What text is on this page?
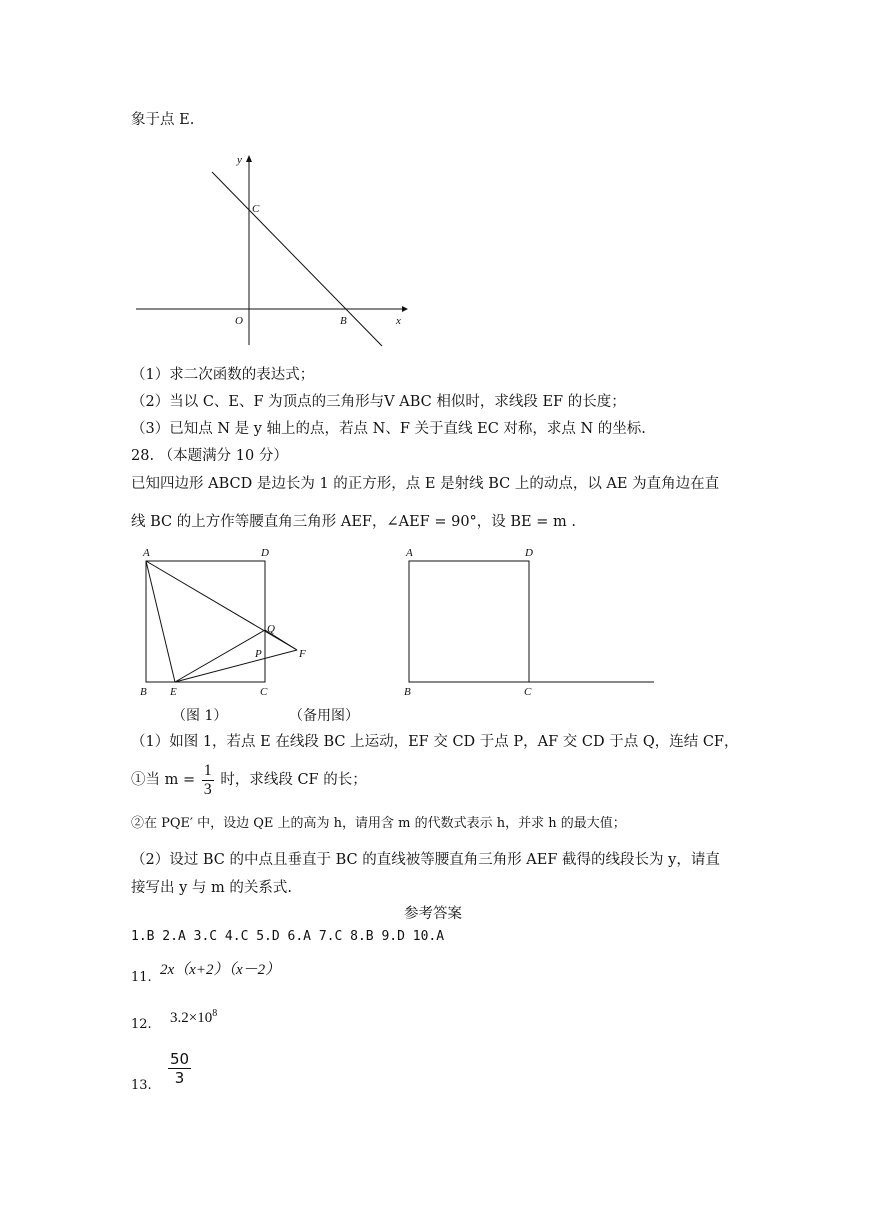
象于点 E.
y
C
O	B	x
（1）求二次函数的表达式；
（2）当以 C、E、F 为顶点的三角形与V ABC 相似时，求线段 EF 的长度；
（3）已知点 N 是 y 轴上的点，若点 N、F 关于直线 EC 对称，求点 N 的坐标.
28. （本题满分 10 分）
已知四边形 ABCD 是边长为 1 的正方形，点 E 是射线 BC 上的动点，以 AE 为直角边在直
线 BC 的上方作等腰直角三角形 AEF，∠AEF = 90°，设 BE = m .
A	D
Q
P	F
B E	C
A	D
B	C
（图 1）	（备用图）
（1）如图 1，若点 E 在线段 BC 上运动，EF 交 CD 于点 P，AF 交 CD 于点 Q，连结 CF，
①当 $m = \frac{1}{3}$ 时，求线段 CF 的长；
②在 PQE′ 中，设边 QE 上的高为 h，请用含 m 的代数式表示 h，并求 h 的最大值；
（2）设过 BC 的中点且垂直于 BC 的直线被等腰直角三角形 AEF 截得的线段长为 y，请直
接写出 y 与 m 的关系式.
参考答案
1.B 2.A 3.C 4.C 5.D 6.A 7.C 8.B 9.D 10.A
11. 2x（x+2）（x－2）
12. $3.2\times 10^8$
13. $\frac{50}{3}$
